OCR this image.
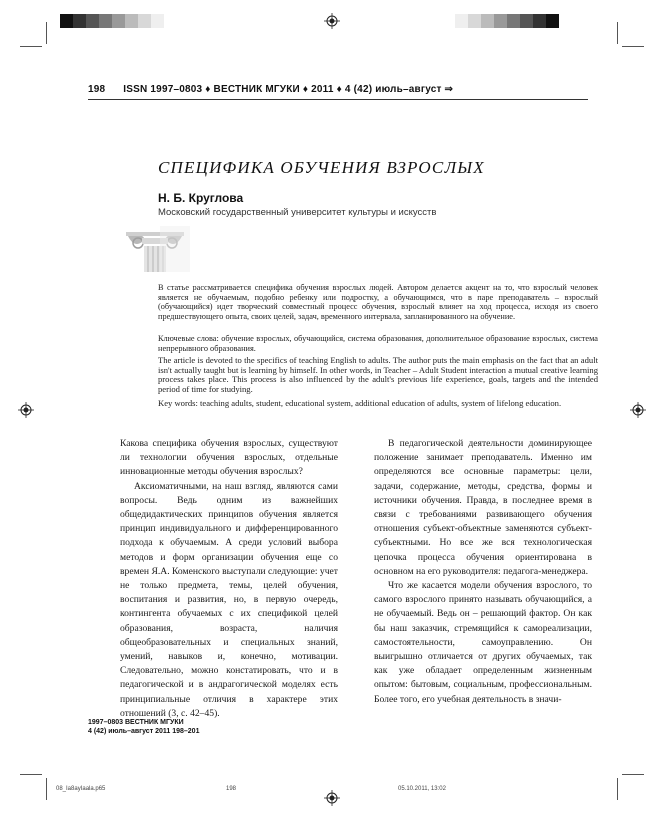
198 ISSN 1997–0803 ♦ ВЕСТНИК МГУКИ ♦ 2011 ♦ 4 (42) июль–август ⇒
СПЕЦИФИКА ОБУЧЕНИЯ ВЗРОСЛЫХ
Н. Б. Круглова
Московский государственный университет культуры и искусств
В статье рассматривается специфика обучения взрослых людей. Автором делается акцент на то, что взрослый человек является не обучаемым, подобно ребенку или подростку, а обучающимся, что в паре преподаватель – взрослый (обучающийся) идет творческий совместный процесс обучения, взрослый влияет на ход процесса, исходя из своего предшествующего опыта, своих целей, задач, временного интервала, запланированного на обучение.
Ключевые слова: обучение взрослых, обучающийся, система образования, дополнительное образование взрослых, система непрерывного образования.
The article is devoted to the specifics of teaching English to adults. The author puts the main emphasis on the fact that an adult isn't actually taught but is learning by himself. In other words, in Teacher – Adult Student interaction a mutual creative learning process takes place. This process is also influenced by the adult's previous life experience, goals, targets and the intended period of time for studying.
Key words: teaching adults, student, educational system, additional education of adults, system of lifelong education.

Какова специфика обучения взрослых, существуют ли технологии обучения взрослых, отдельные инновационные методы обучения взрослых?

Аксиоматичными, на наш взгляд, являются сами вопросы. Ведь одним из важнейших общедидактических принципов обучения является принцип индивидуального и дифференцированного подхода к обучаемым. А среди условий выбора методов и форм организации обучения еще со времен Я.А. Коменского выступали следующие: учет не только предмета, темы, целей обучения, воспитания и развития, но, в первую очередь, контингента обучаемых с их спецификой целей образования, возраста, наличия общеобразовательных и специальных знаний, умений, навыков и, конечно, мотивации. Следовательно, можно констатировать, что и в педагогической и в андрагогической моделях есть принципиальные отличия в характере этих отношений (3, с. 42–45).

В педагогической деятельности доминирующее положение занимает преподаватель. Именно им определяются все основные параметры: цели, задачи, содержание, методы, средства, формы и источники обучения. Правда, в последнее время в связи с требованиями развивающего обучения отношения субъект-объектные заменяются субъект-субъектными. Но все же вся технологическая цепочка процесса обучения ориентирована в основном на его руководителя: педагога-менеджера.

Что же касается модели обучения взрослого, то самого взрослого принято называть обучающийся, а не обучаемый. Ведь он – решающий фактор. Он как бы наш заказчик, стремящийся к самореализации, самостоятельности, самоуправлению. Он выигрышно отличается от других обучаемых, так как уже обладает определенным жизненным опытом: бытовым, социальным, профессиональным. Более того, его учебная деятельность в значи-

1997–0803 ВЕСТНИК МГУКИ
4 (42) июль–август 2011 198–201
08_Ia8ayIaala.p65	198	05.10.2011, 13:02
